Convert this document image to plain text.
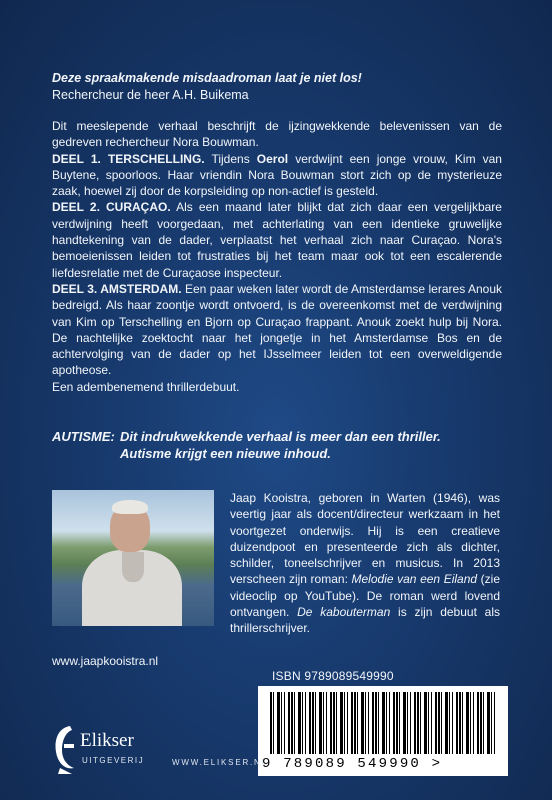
Deze spraakmakende misdaadroman laat je niet los!
Rechercheur de heer A.H. Buikema

Dit meeslepende verhaal beschrijft de ijzingwekkende belevenissen van de gedreven rechercheur Nora Bouwman.

DEEL 1. TERSCHELLING. Tijdens Oerol verdwijnt een jonge vrouw, Kim van Buytene, spoorloos. Haar vriendin Nora Bouwman stort zich op de mysterieuze zaak, hoewel zij door de korpsleiding op non-actief is gesteld.

DEEL 2. CURAÇAO. Als een maand later blijkt dat zich daar een vergelijkbare verdwijning heeft voorgedaan, met achterlating van een identieke gruwelijke handtekening van de dader, verplaatst het verhaal zich naar Curaçao. Nora's bemoeienissen leiden tot frustraties bij het team maar ook tot een escalerende liefdesrelatie met de Curaçaose inspecteur.

DEEL 3. AMSTERDAM. Een paar weken later wordt de Amsterdamse lerares Anouk bedreigd. Als haar zoontje wordt ontvoerd, is de overeenkomst met de verdwijning van Kim op Terschelling en Bjorn op Curaçao frappant. Anouk zoekt hulp bij Nora. De nachtelijke zoektocht naar het jongetje in het Amsterdamse Bos en de achtervolging van de dader op het IJsselmeer leiden tot een overweldigende apotheose.

Een adembenemend thrillerdebuut.

AUTISME: Dit indrukwekkende verhaal is meer dan een thriller.
Autisme krijgt een nieuwe inhoud.
Jaap Kooistra, geboren in Warten (1946), was veertig jaar als docent/directeur werkzaam in het voortgezet onderwijs. Hij is een creatieve duizendpoot en presenteerde zich als dichter, schilder, toneelschrijver en musicus. In 2013 verscheen zijn roman: Melodie van een Eiland (zie videoclip op YouTube). De roman werd lovend ontvangen. De kabouterman is zijn debuut als thrillerschrijver.
www.jaapkooistra.nl
ISBN 9789089549990
9 789089 549990 >
Elikser
UITGEVERIJ	WWW.ELIKSER.NL
